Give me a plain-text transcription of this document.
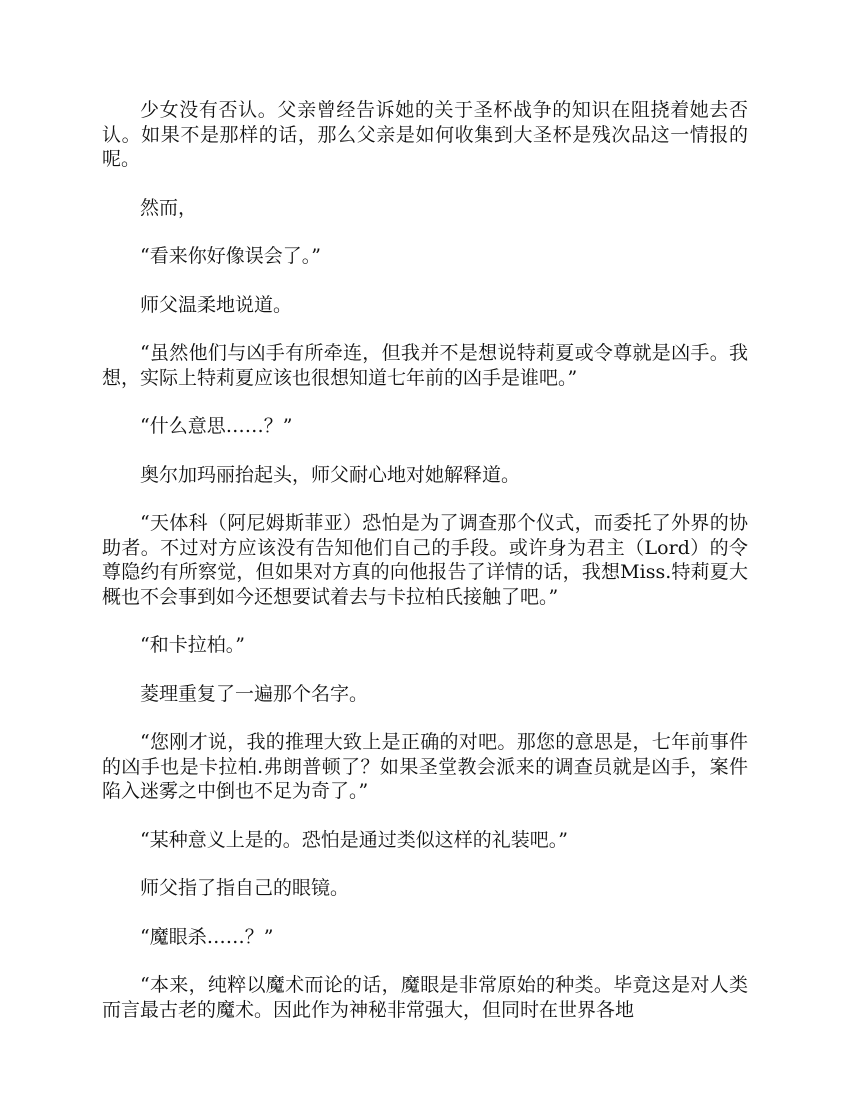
少女没有否认。父亲曾经告诉她的关于圣杯战争的知识在阻挠着她去否认。如果不是那样的话，那么父亲是如何收集到大圣杯是残次品这一情报的呢。

然而，

“看来你好像误会了。”

师父温柔地说道。

“虽然他们与凶手有所牵连，但我并不是想说特莉夏或令尊就是凶手。我想，实际上特莉夏应该也很想知道七年前的凶手是谁吧。”

“什么意思……？”

奥尔加玛丽抬起头，师父耐心地对她解释道。

“天体科（阿尼姆斯菲亚）恐怕是为了调查那个仪式，而委托了外界的协助者。不过对方应该没有告知他们自己的手段。或许身为君主（Lord）的令尊隐约有所察觉，但如果对方真的向他报告了详情的话，我想Miss.特莉夏大概也不会事到如今还想要试着去与卡拉柏氏接触了吧。”

“和卡拉柏。”

菱理重复了一遍那个名字。

“您刚才说，我的推理大致上是正确的对吧。那您的意思是，七年前事件的凶手也是卡拉柏.弗朗普顿了？如果圣堂教会派来的调查员就是凶手，案件陷入迷雾之中倒也不足为奇了。”

“某种意义上是的。恐怕是通过类似这样的礼装吧。”

师父指了指自己的眼镜。

“魔眼杀……？”

“本来，纯粹以魔术而论的话，魔眼是非常原始的种类。毕竟这是对人类而言最古老的魔术。因此作为神秘非常强大，但同时在世界各地
